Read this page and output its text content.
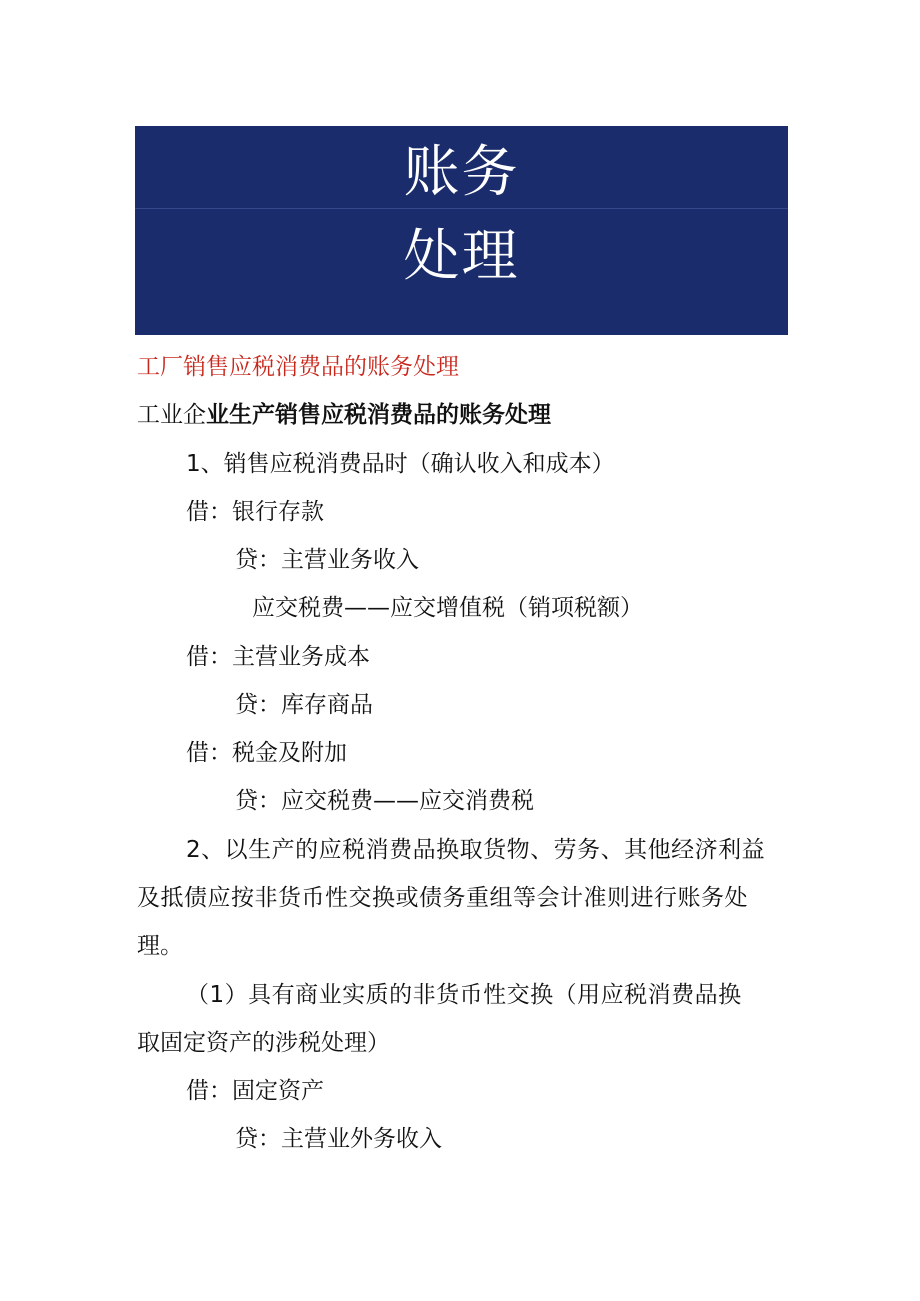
账务
处理
工厂销售应税消费品的账务处理
工业企业生产销售应税消费品的账务处理
1、销售应税消费品时（确认收入和成本）
借：银行存款
贷：主营业务收入
应交税费——应交增值税（销项税额）
借：主营业务成本
贷：库存商品
借：税金及附加
贷：应交税费——应交消费税
2、以生产的应税消费品换取货物、劳务、其他经济利益
及抵债应按非货币性交换或债务重组等会计准则进行账务处
理。
（1）具有商业实质的非货币性交换（用应税消费品换
取固定资产的涉税处理）
借：固定资产
贷：主营业外务收入
